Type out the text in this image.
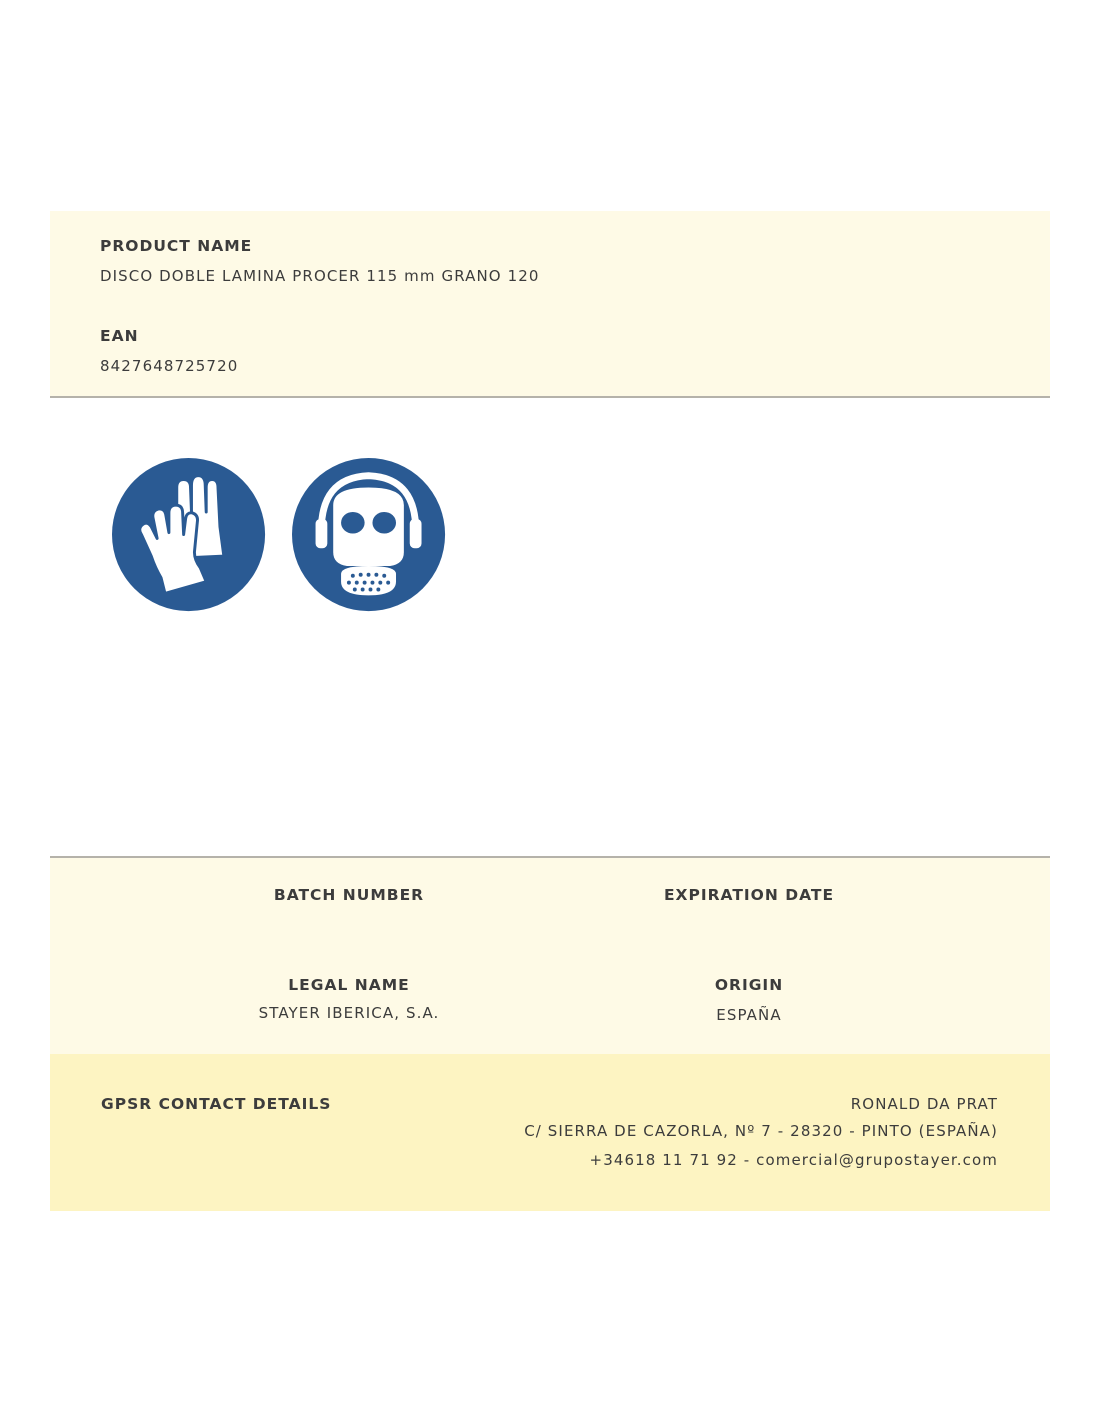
PRODUCT NAME
DISCO DOBLE LAMINA PROCER 115 mm GRANO 120
EAN
8427648725720
BATCH NUMBER	EXPIRATION DATE
LEGAL NAME
STAYER IBERICA, S.A.
ORIGIN
ESPAÑA
GPSR CONTACT DETAILS	RONALD DA PRAT
C/ SIERRA DE CAZORLA, Nº 7 - 28320 - PINTO (ESPAÑA)
+34618 11 71 92 - comercial@grupostayer.com
